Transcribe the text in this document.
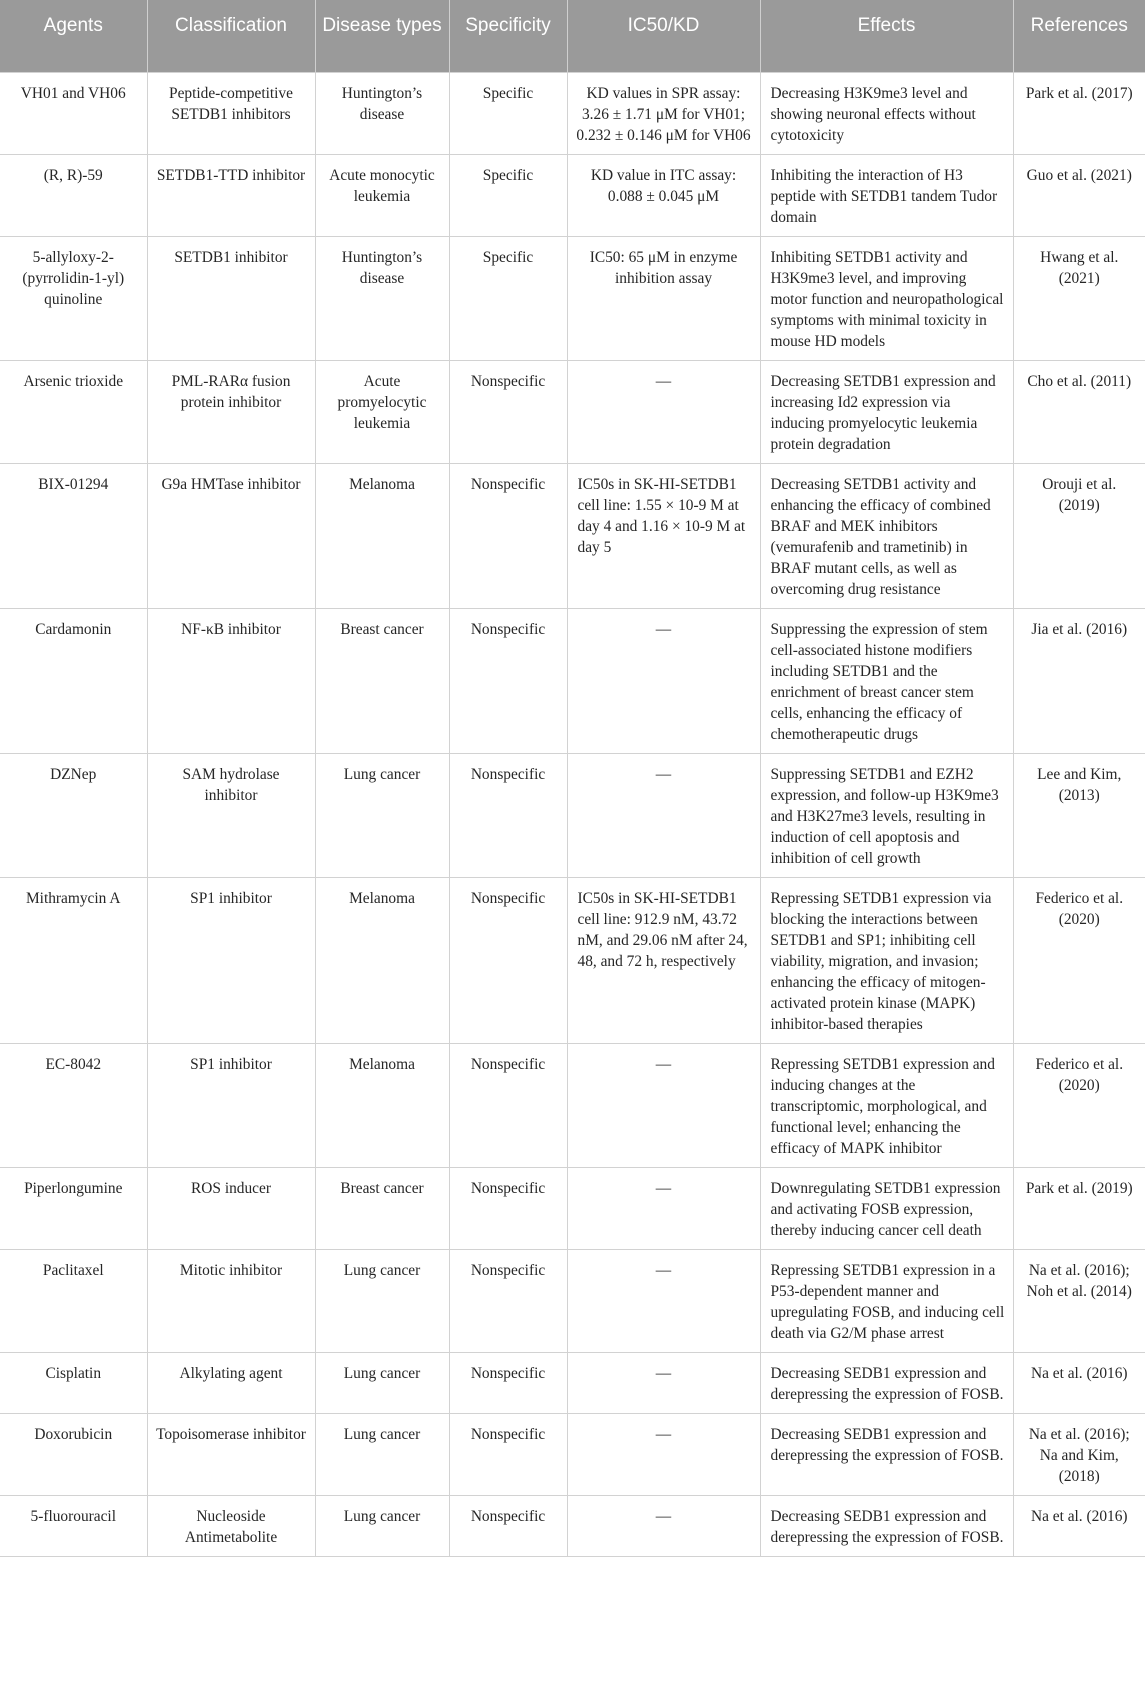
Agents	Classification	Disease types	Specificity	IC50/KD	Effects	References
VH01 and VH06	Peptide-competitive SETDB1 inhibitors	Huntington’s disease	Specific	KD values in SPR assay: 3.26 ± 1.71 μM for VH01; 0.232 ± 0.146 μM for VH06	Decreasing H3K9me3 level and showing neuronal effects without cytotoxicity	Park et al. (2017)
(R, R)-59	SETDB1-TTD inhibitor	Acute monocytic leukemia	Specific	KD value in ITC assay: 0.088 ± 0.045 μM	Inhibiting the interaction of H3 peptide with SETDB1 tandem Tudor domain	Guo et al. (2021)
5-allyloxy-2-(pyrrolidin-1-yl) quinoline	SETDB1 inhibitor	Huntington’s disease	Specific	IC50: 65 μM in enzyme inhibition assay	Inhibiting SETDB1 activity and H3K9me3 level, and improving motor function and neuropathological symptoms with minimal toxicity in mouse HD models	Hwang et al. (2021)
Arsenic trioxide	PML-RARα fusion protein inhibitor	Acute promyelocytic leukemia	Nonspecific	—	Decreasing SETDB1 expression and increasing Id2 expression via inducing promyelocytic leukemia protein degradation	Cho et al. (2011)
BIX-01294	G9a HMTase inhibitor	Melanoma	Nonspecific	IC50s in SK-HI-SETDB1 cell line: 1.55 × 10-9 M at day 4 and 1.16 × 10-9 M at day 5	Decreasing SETDB1 activity and enhancing the efficacy of combined BRAF and MEK inhibitors (vemurafenib and trametinib) in BRAF mutant cells, as well as overcoming drug resistance	Orouji et al. (2019)
Cardamonin	NF-κB inhibitor	Breast cancer	Nonspecific	—	Suppressing the expression of stem cell-associated histone modifiers including SETDB1 and the enrichment of breast cancer stem cells, enhancing the efficacy of chemotherapeutic drugs	Jia et al. (2016)
DZNep	SAM hydrolase inhibitor	Lung cancer	Nonspecific	—	Suppressing SETDB1 and EZH2 expression, and follow-up H3K9me3 and H3K27me3 levels, resulting in induction of cell apoptosis and inhibition of cell growth	Lee and Kim, (2013)
Mithramycin A	SP1 inhibitor	Melanoma	Nonspecific	IC50s in SK-HI-SETDB1 cell line: 912.9 nM, 43.72 nM, and 29.06 nM after 24, 48, and 72 h, respectively	Repressing SETDB1 expression via blocking the interactions between SETDB1 and SP1; inhibiting cell viability, migration, and invasion; enhancing the efficacy of mitogen-activated protein kinase (MAPK) inhibitor-based therapies	Federico et al. (2020)
EC-8042	SP1 inhibitor	Melanoma	Nonspecific	—	Repressing SETDB1 expression and inducing changes at the transcriptomic, morphological, and functional level; enhancing the efficacy of MAPK inhibitor	Federico et al. (2020)
Piperlongumine	ROS inducer	Breast cancer	Nonspecific	—	Downregulating SETDB1 expression and activating FOSB expression, thereby inducing cancer cell death	Park et al. (2019)
Paclitaxel	Mitotic inhibitor	Lung cancer	Nonspecific	—	Repressing SETDB1 expression in a P53-dependent manner and upregulating FOSB, and inducing cell death via G2/M phase arrest	Na et al. (2016); Noh et al. (2014)
Cisplatin	Alkylating agent	Lung cancer	Nonspecific	—	Decreasing SEDB1 expression and derepressing the expression of FOSB.	Na et al. (2016)
Doxorubicin	Topoisomerase inhibitor	Lung cancer	Nonspecific	—	Decreasing SEDB1 expression and derepressing the expression of FOSB.	Na et al. (2016); Na and Kim, (2018)
5-fluorouracil	Nucleoside Antimetabolite	Lung cancer	Nonspecific	—	Decreasing SEDB1 expression and derepressing the expression of FOSB.	Na et al. (2016)
